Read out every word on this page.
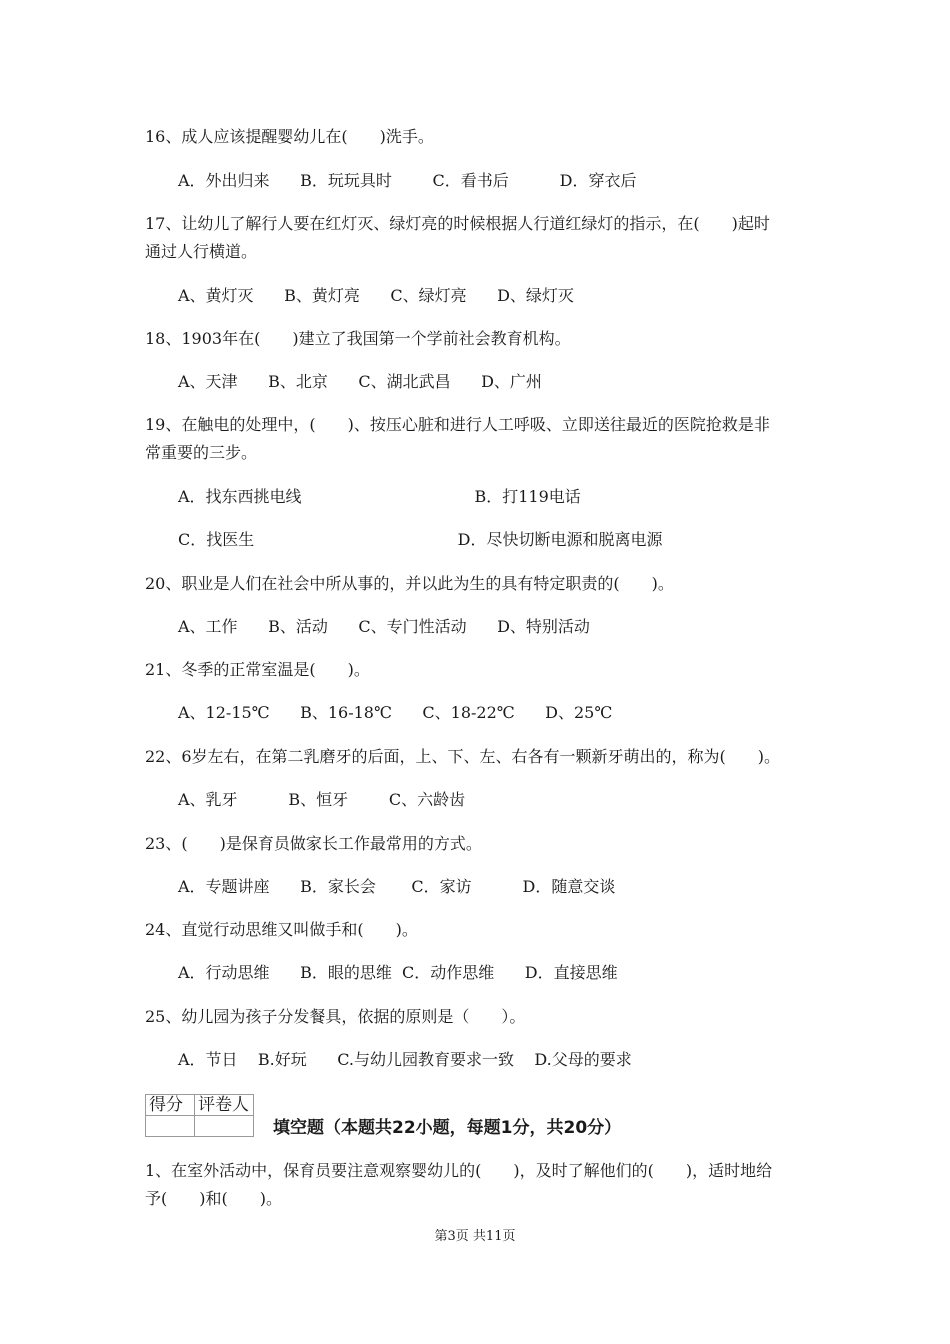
16、成人应该提醒婴幼儿在(　　)洗手。
A．外出归来      B．玩玩具时        C．看书后          D．穿衣后
17、让幼儿了解行人要在红灯灭、绿灯亮的时候根据人行道红绿灯的指示，在(　　)起时
通过人行横道。
A、黄灯灭      B、黄灯亮      C、绿灯亮      D、绿灯灭
18、1903年在(　　)建立了我国第一个学前社会教育机构。
A、天津      B、北京      C、湖北武昌      D、广州
19、在触电的处理中，(　　)、按压心脏和进行人工呼吸、立即送往最近的医院抢救是非
常重要的三步。
A．找东西挑电线                                  B．打119电话
C．找医生                                        D．尽快切断电源和脱离电源
20、职业是人们在社会中所从事的，并以此为生的具有特定职责的(　　)。
A、工作      B、活动      C、专门性活动      D、特别活动
21、冬季的正常室温是(　　)。
A、12-15℃      B、16-18℃      C、18-22℃      D、25℃
22、6岁左右，在第二乳磨牙的后面，上、下、左、右各有一颗新牙萌出的，称为(　　)。
A、乳牙          B、恒牙        C、六龄齿
23、(　　)是保育员做家长工作最常用的方式。
A．专题讲座      B．家长会       C．家访          D．随意交谈
24、直觉行动思维又叫做手和(　　)。
A．行动思维      B．眼的思维  C．动作思维      D．直接思维
25、幼儿园为孩子分发餐具，依据的原则是（　　）。
A．节日    B.好玩      C.与幼儿园教育要求一致    D.父母的要求
得分	评卷人

填空题（本题共22小题，每题1分，共20分）
1、在室外活动中，保育员要注意观察婴幼儿的(　　)，及时了解他们的(　　)，适时地给
予(　　)和(　　)。
第3页 共11页
